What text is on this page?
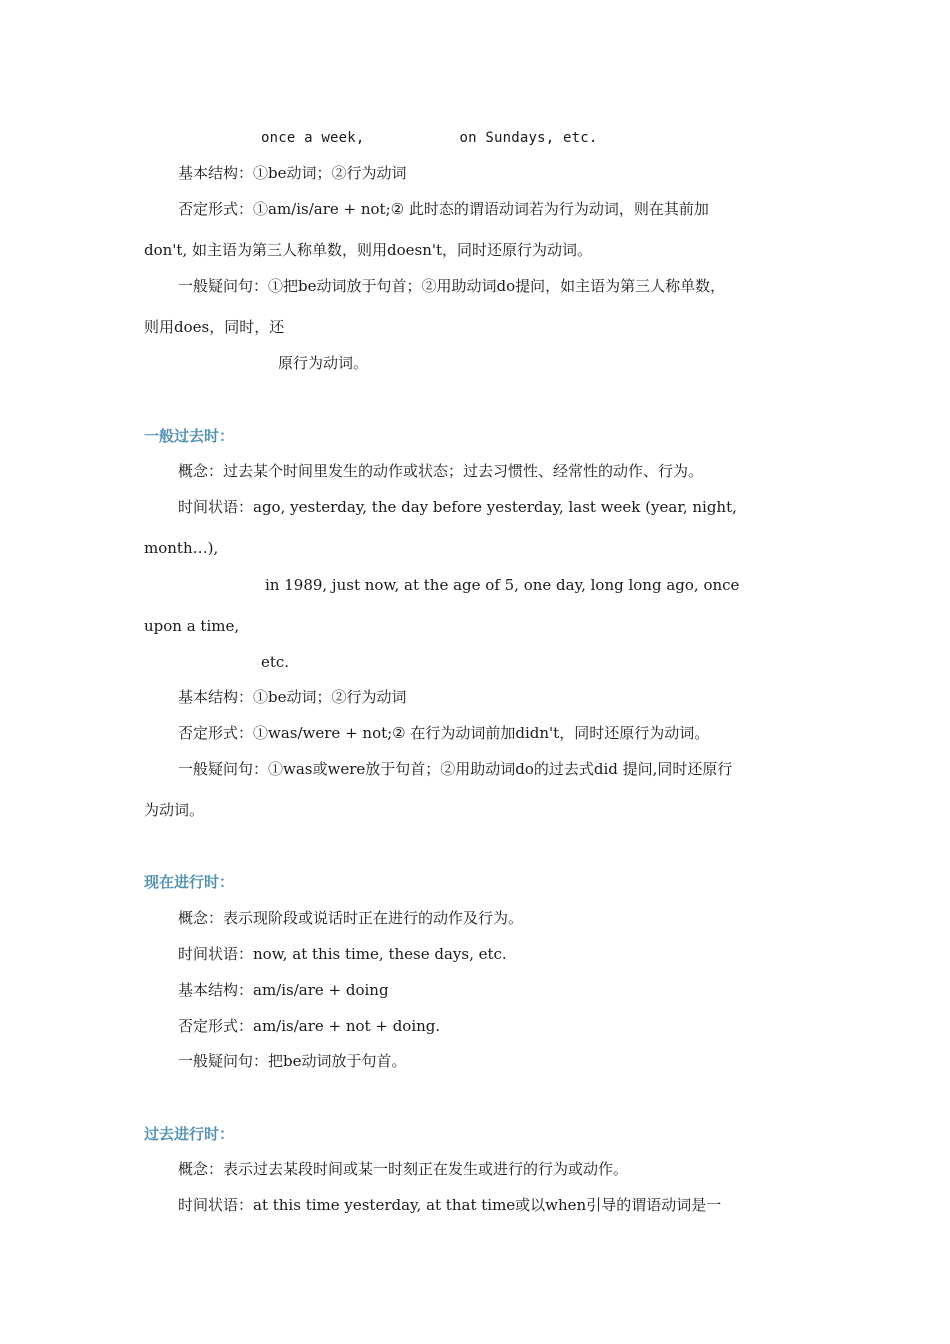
once a week,           on Sundays, etc.
基本结构：①be动词；②行为动词
否定形式：①am/is/are + not;② 此时态的谓语动词若为行为动词，则在其前加
don't, 如主语为第三人称单数，则用doesn't，同时还原行为动词。
一般疑问句：①把be动词放于句首；②用助动词do提问，如主语为第三人称单数，
则用does，同时，还
原行为动词。
一般过去时：
概念：过去某个时间里发生的动作或状态；过去习惯性、经常性的动作、行为。
时间状语：ago, yesterday, the day before yesterday, last week (year, night,
month…),
in 1989, just now, at the age of 5, one day, long long ago, once
upon a time,
etc.
基本结构：①be动词；②行为动词
否定形式：①was/were + not;② 在行为动词前加didn't，同时还原行为动词。
一般疑问句：①was或were放于句首；②用助动词do的过去式did 提问,同时还原行
为动词。
现在进行时：
概念：表示现阶段或说话时正在进行的动作及行为。
时间状语：now, at this time, these days, etc.
基本结构：am/is/are + doing
否定形式：am/is/are + not + doing.
一般疑问句：把be动词放于句首。
过去进行时：
概念：表示过去某段时间或某一时刻正在发生或进行的行为或动作。
时间状语：at this time yesterday, at that time或以when引导的谓语动词是一
